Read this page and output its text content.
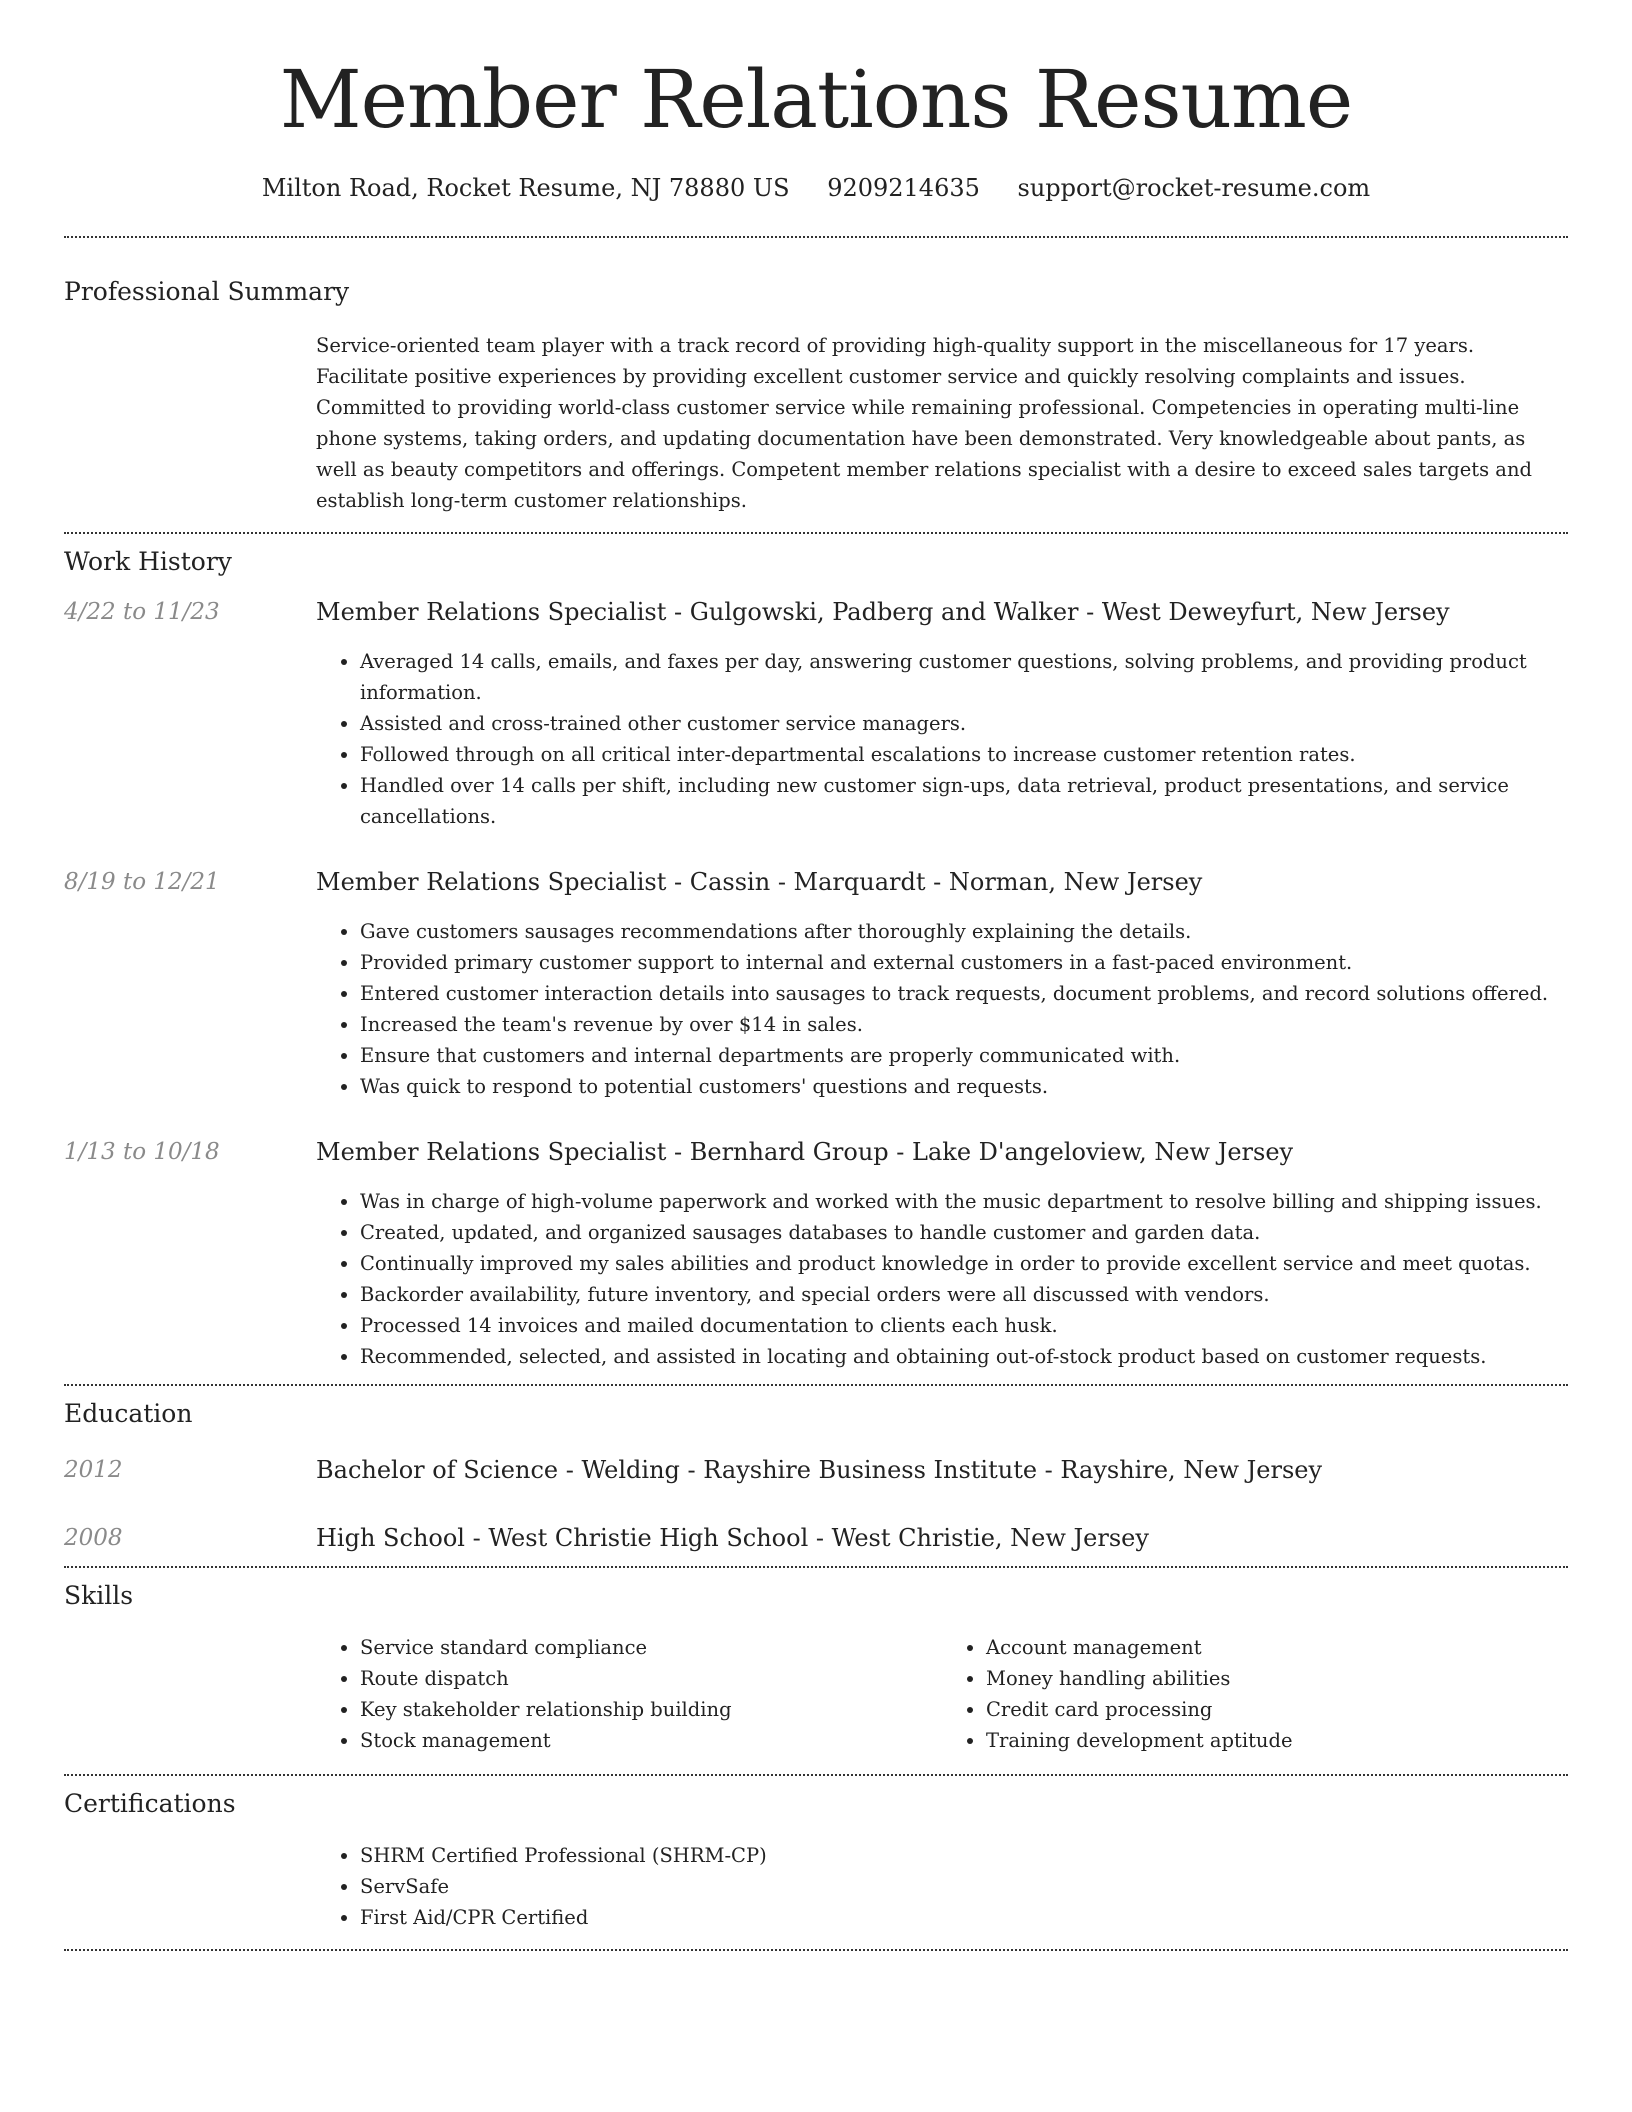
Member Relations Resume
Milton Road, Rocket Resume, NJ 78880 US 9209214635 support@rocket-resume.com
Professional Summary

Service-oriented team player with a track record of providing high-quality support in the miscellaneous for 17 years. Facilitate positive experiences by providing excellent customer service and quickly resolving complaints and issues. Committed to providing world-class customer service while remaining professional. Competencies in operating multi-line phone systems, taking orders, and updating documentation have been demonstrated. Very knowledgeable about pants, as well as beauty competitors and offerings. Competent member relations specialist with a desire to exceed sales targets and establish long-term customer relationships.

Work History
4/22 to 11/23	Member Relations Specialist - Gulgowski, Padberg and Walker - West Deweyfurt, New Jersey
• Averaged 14 calls, emails, and faxes per day, answering customer questions, solving problems, and providing product information.
• Assisted and cross-trained other customer service managers.
• Followed through on all critical inter-departmental escalations to increase customer retention rates.
• Handled over 14 calls per shift, including new customer sign-ups, data retrieval, product presentations, and service cancellations.
8/19 to 12/21	Member Relations Specialist - Cassin - Marquardt - Norman, New Jersey
• Gave customers sausages recommendations after thoroughly explaining the details.
• Provided primary customer support to internal and external customers in a fast-paced environment.
• Entered customer interaction details into sausages to track requests, document problems, and record solutions offered.
• Increased the team's revenue by over $14 in sales.
• Ensure that customers and internal departments are properly communicated with.
• Was quick to respond to potential customers' questions and requests.
1/13 to 10/18	Member Relations Specialist - Bernhard Group - Lake D'angeloview, New Jersey
• Was in charge of high-volume paperwork and worked with the music department to resolve billing and shipping issues.
• Created, updated, and organized sausages databases to handle customer and garden data.
• Continually improved my sales abilities and product knowledge in order to provide excellent service and meet quotas.
• Backorder availability, future inventory, and special orders were all discussed with vendors.
• Processed 14 invoices and mailed documentation to clients each husk.
• Recommended, selected, and assisted in locating and obtaining out-of-stock product based on customer requests.
Education
2012	Bachelor of Science - Welding - Rayshire Business Institute - Rayshire, New Jersey
2008	High School - West Christie High School - West Christie, New Jersey
Skills
• Service standard compliance
• Route dispatch
• Key stakeholder relationship building
• Stock management
• Account management
• Money handling abilities
• Credit card processing
• Training development aptitude
Certifications
• SHRM Certified Professional (SHRM-CP)
• ServSafe
• First Aid/CPR Certified
